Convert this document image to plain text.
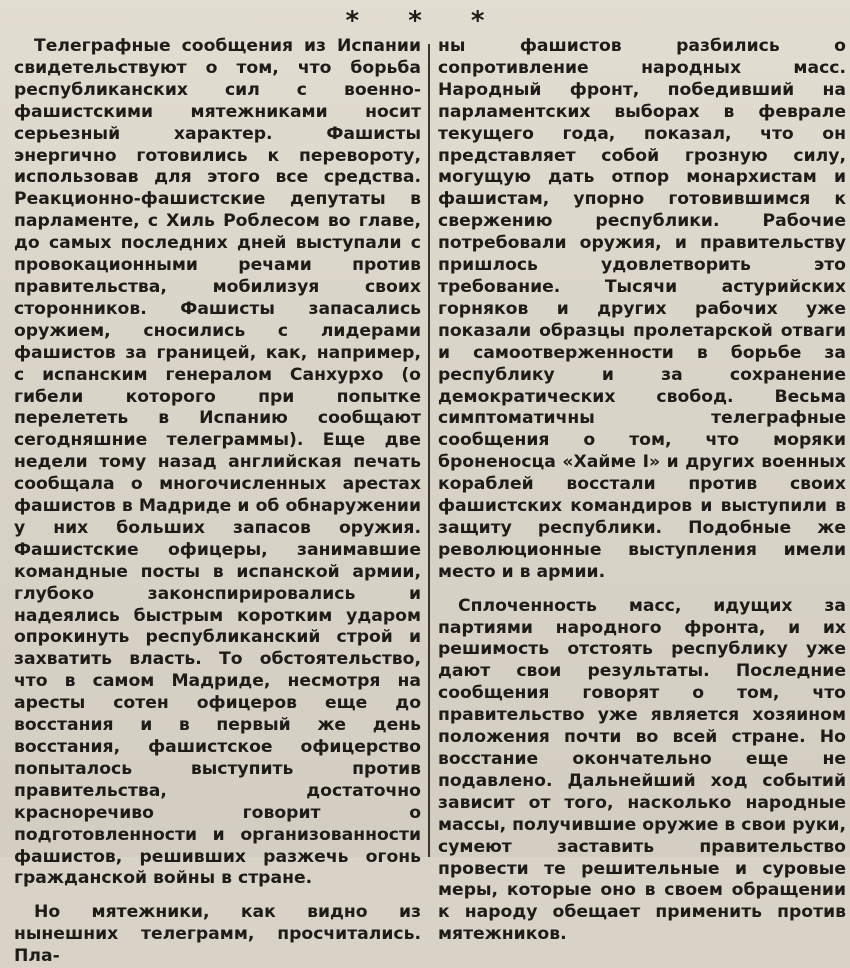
* * *

Телеграфные сообщения из Испании свидетельствуют о том, что борьба республиканских сил с военно-фашистскими мятежниками носит серьезный характер. Фашисты энергично готовились к перевороту, использовав для этого все средства. Реакционно-фашистские депутаты в парламенте, с Хиль Роблесом во главе, до самых последних дней выступали с провокационными речами против правительства, мобилизуя своих сторонников. Фашисты запасались оружием, сносились с лидерами фашистов за границей, как, например, с испанским генералом Санхурхо (о гибели которого при попытке перелететь в Испанию сообщают сегодняшние телеграммы). Еще две недели тому назад английская печать сообщала о многочисленных арестах фашистов в Мадриде и об обнаружении у них больших запасов оружия. Фашистские офицеры, занимавшие командные посты в испанской армии, глубоко законспирировались и надеялись быстрым коротким ударом опрокинуть республиканский строй и захватить власть. То обстоятельство, что в самом Мадриде, несмотря на аресты сотен офицеров еще до восстания и в первый же день восстания, фашистское офицерство попыталось выступить против правительства, достаточно красноречиво говорит о подготовленности и организованности фашистов, решивших разжечь огонь гражданской войны в стране.

Но мятежники, как видно из нынешних телеграмм, просчитались. Пла-

ны фашистов разбились о сопротивление народных масс. Народный фронт, победивший на парламентских выборах в феврале текущего года, показал, что он представляет собой грозную силу, могущую дать отпор монархистам и фашистам, упорно готовившимся к свержению республики. Рабочие потребовали оружия, и правительству пришлось удовлетворить это требование. Тысячи астурийских горняков и других рабочих уже показали образцы пролетарской отваги и самоотверженности в борьбе за республику и за сохранение демократических свобод. Весьма симптоматичны телеграфные сообщения о том, что моряки броненосца «Хайме I» и других военных кораблей восстали против своих фашистских командиров и выступили в защиту республики. Подобные же революционные выступления имели место и в армии.

Сплоченность масс, идущих за партиями народного фронта, и их решимость отстоять республику уже дают свои результаты. Последние сообщения говорят о том, что правительство уже является хозяином положения почти во всей стране. Но восстание окончательно еще не подавлено. Дальнейший ход событий зависит от того, насколько народные массы, получившие оружие в свои руки, сумеют заставить правительство провести те решительные и суровые меры, которые оно в своем обращении к народу обещает применить против мятежников.
